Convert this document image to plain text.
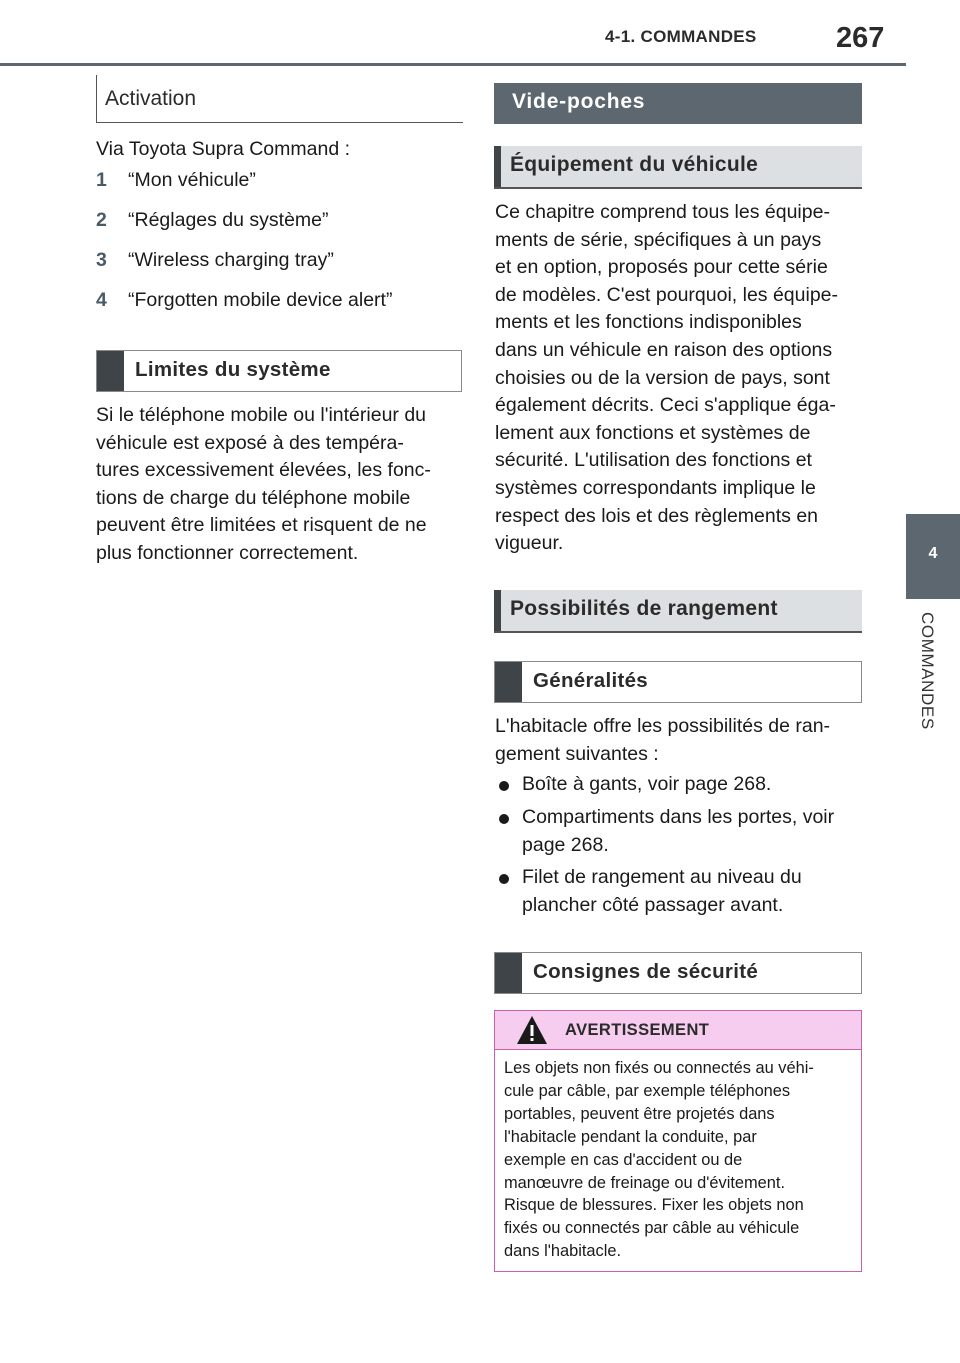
4-1. COMMANDES	267
4
COMMANDES
Activation
Via Toyota Supra Command :
1 “Mon véhicule”
2 “Réglages du système”
3 “Wireless charging tray”
4 “Forgotten mobile device alert”
Limites du système
Si le téléphone mobile ou l'intérieur du
véhicule est exposé à des tempéra-
tures excessivement élevées, les fonc-
tions de charge du téléphone mobile
peuvent être limitées et risquent de ne
plus fonctionner correctement.
Vide-poches
Équipement du véhicule
Ce chapitre comprend tous les équipe-
ments de série, spécifiques à un pays
et en option, proposés pour cette série
de modèles. C'est pourquoi, les équipe-
ments et les fonctions indisponibles
dans un véhicule en raison des options
choisies ou de la version de pays, sont
également décrits. Ceci s'applique éga-
lement aux fonctions et systèmes de
sécurité. L'utilisation des fonctions et
systèmes correspondants implique le
respect des lois et des règlements en
vigueur.
Possibilités de rangement
Généralités
L'habitacle offre les possibilités de ran-
gement suivantes :
Boîte à gants, voir page 268.
Compartiments dans les portes, voir
page 268.
Filet de rangement au niveau du
plancher côté passager avant.
Consignes de sécurité
AVERTISSEMENT
Les objets non fixés ou connectés au véhi-
cule par câble, par exemple téléphones
portables, peuvent être projetés dans
l'habitacle pendant la conduite, par
exemple en cas d'accident ou de
manœuvre de freinage ou d'évitement.
Risque de blessures. Fixer les objets non
fixés ou connectés par câble au véhicule
dans l'habitacle.
